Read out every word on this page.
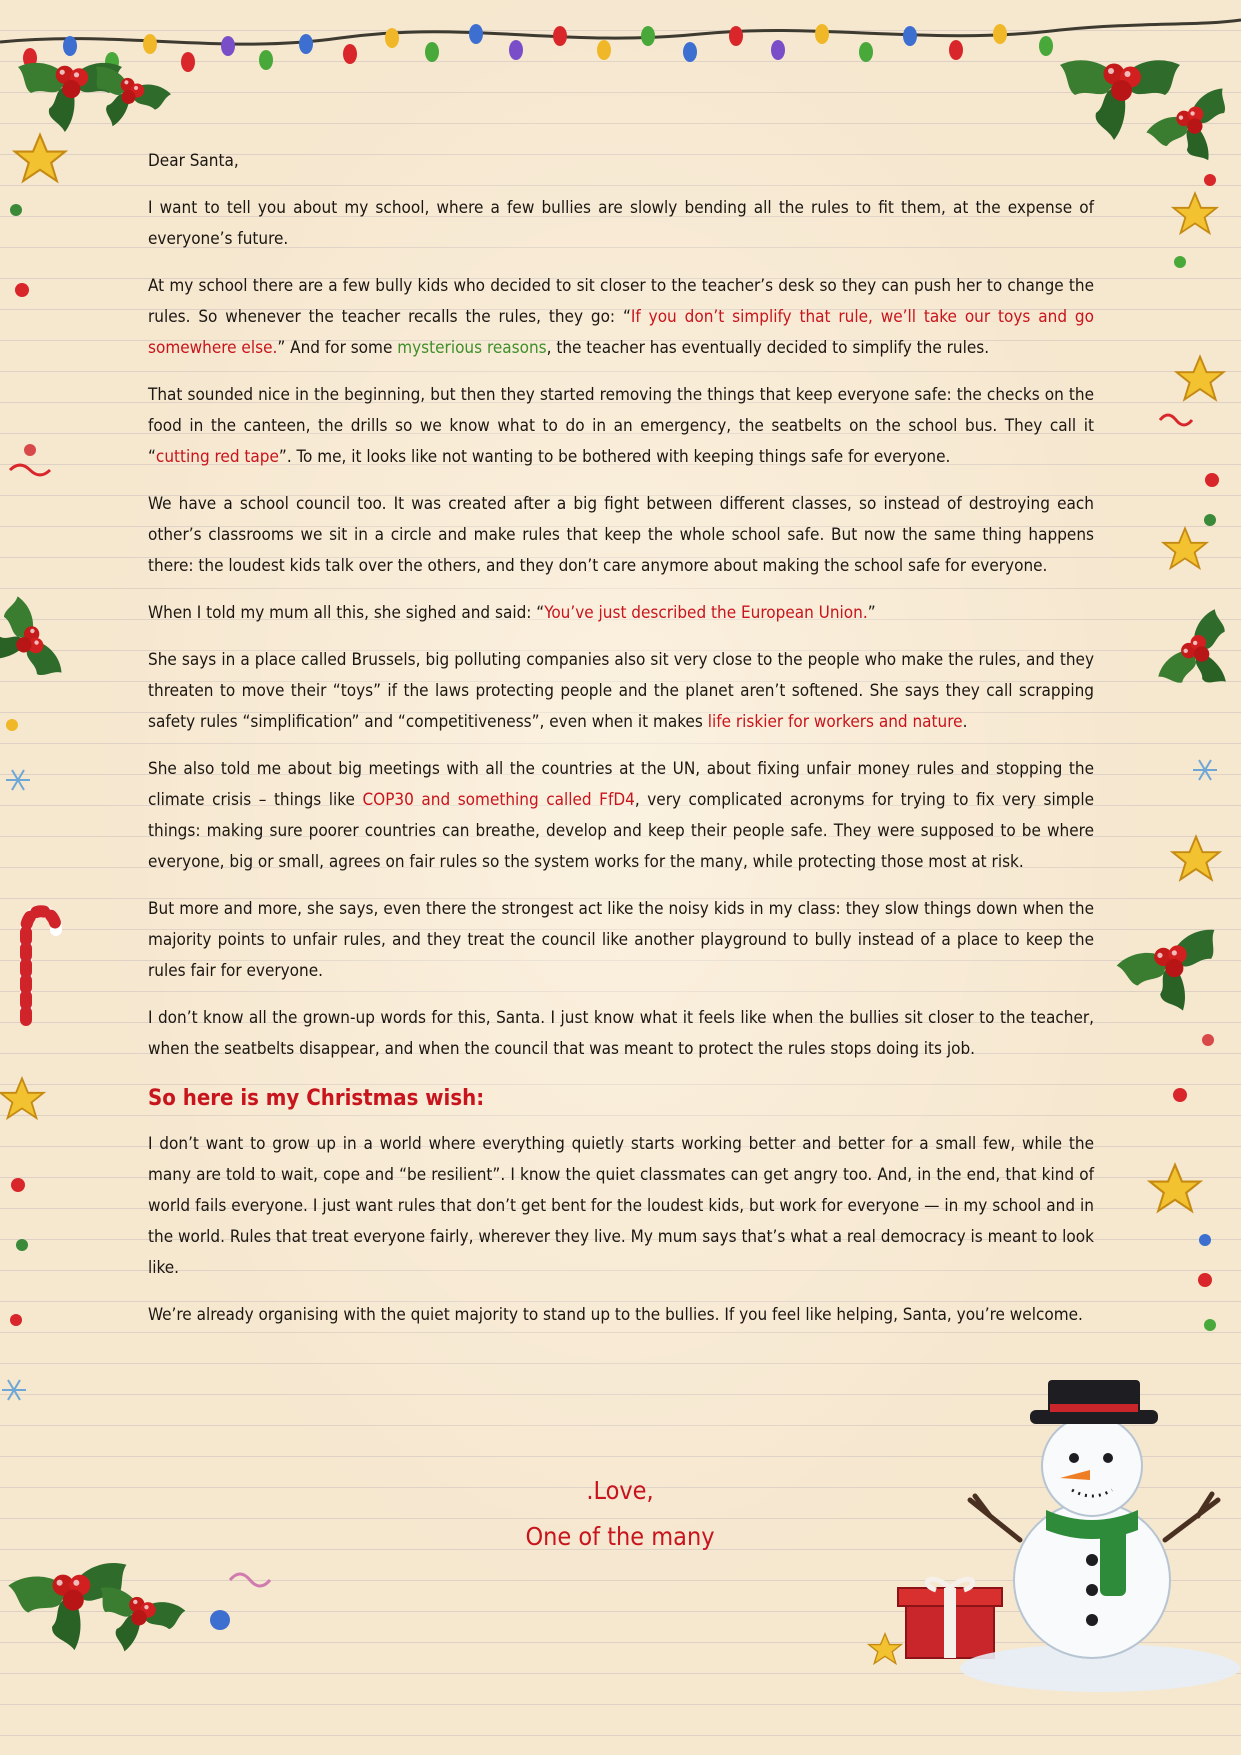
Dear Santa,

I want to tell you about my school, where a few bullies are slowly bending all the rules to fit them, at the expense of everyone’s future.

At my school there are a few bully kids who decided to sit closer to the teacher’s desk so they can push her to change the rules. So whenever the teacher recalls the rules, they go: “If you don’t simplify that rule, we’ll take our toys and go somewhere else.” And for some mysterious reasons, the teacher has eventually decided to simplify the rules.

That sounded nice in the beginning, but then they started removing the things that keep everyone safe: the checks on the food in the canteen, the drills so we know what to do in an emergency, the seatbelts on the school bus. They call it “cutting red tape”. To me, it looks like not wanting to be bothered with keeping things safe for everyone.

We have a school council too. It was created after a big fight between different classes, so instead of destroying each other’s classrooms we sit in a circle and make rules that keep the whole school safe. But now the same thing happens there: the loudest kids talk over the others, and they don’t care anymore about making the school safe for everyone.

When I told my mum all this, she sighed and said: “You’ve just described the European Union.”

She says in a place called Brussels, big polluting companies also sit very close to the people who make the rules, and they threaten to move their “toys” if the laws protecting people and the planet aren’t softened. She says they call scrapping safety rules “simplification” and “competitiveness”, even when it makes life riskier for workers and nature.

She also told me about big meetings with all the countries at the UN, about fixing unfair money rules and stopping the climate crisis – things like COP30 and something called FfD4, very complicated acronyms for trying to fix very simple things: making sure poorer countries can breathe, develop and keep their people safe. They were supposed to be where everyone, big or small, agrees on fair rules so the system works for the many, while protecting those most at risk.

But more and more, she says, even there the strongest act like the noisy kids in my class: they slow things down when the majority points to unfair rules, and they treat the council like another playground to bully instead of a place to keep the rules fair for everyone.

I don’t know all the grown-up words for this, Santa. I just know what it feels like when the bullies sit closer to the teacher, when the seatbelts disappear, and when the council that was meant to protect the rules stops doing its job.

So here is my Christmas wish:

I don’t want to grow up in a world where everything quietly starts working better and better for a small few, while the many are told to wait, cope and “be resilient”. I know the quiet classmates can get angry too. And, in the end, that kind of world fails everyone. I just want rules that don’t get bent for the loudest kids, but work for everyone — in my school and in the world. Rules that treat everyone fairly, wherever they live. My mum says that’s what a real democracy is meant to look like.

We’re already organising with the quiet majority to stand up to the bullies. If you feel like helping, Santa, you’re welcome.

.Love,
One of the many
